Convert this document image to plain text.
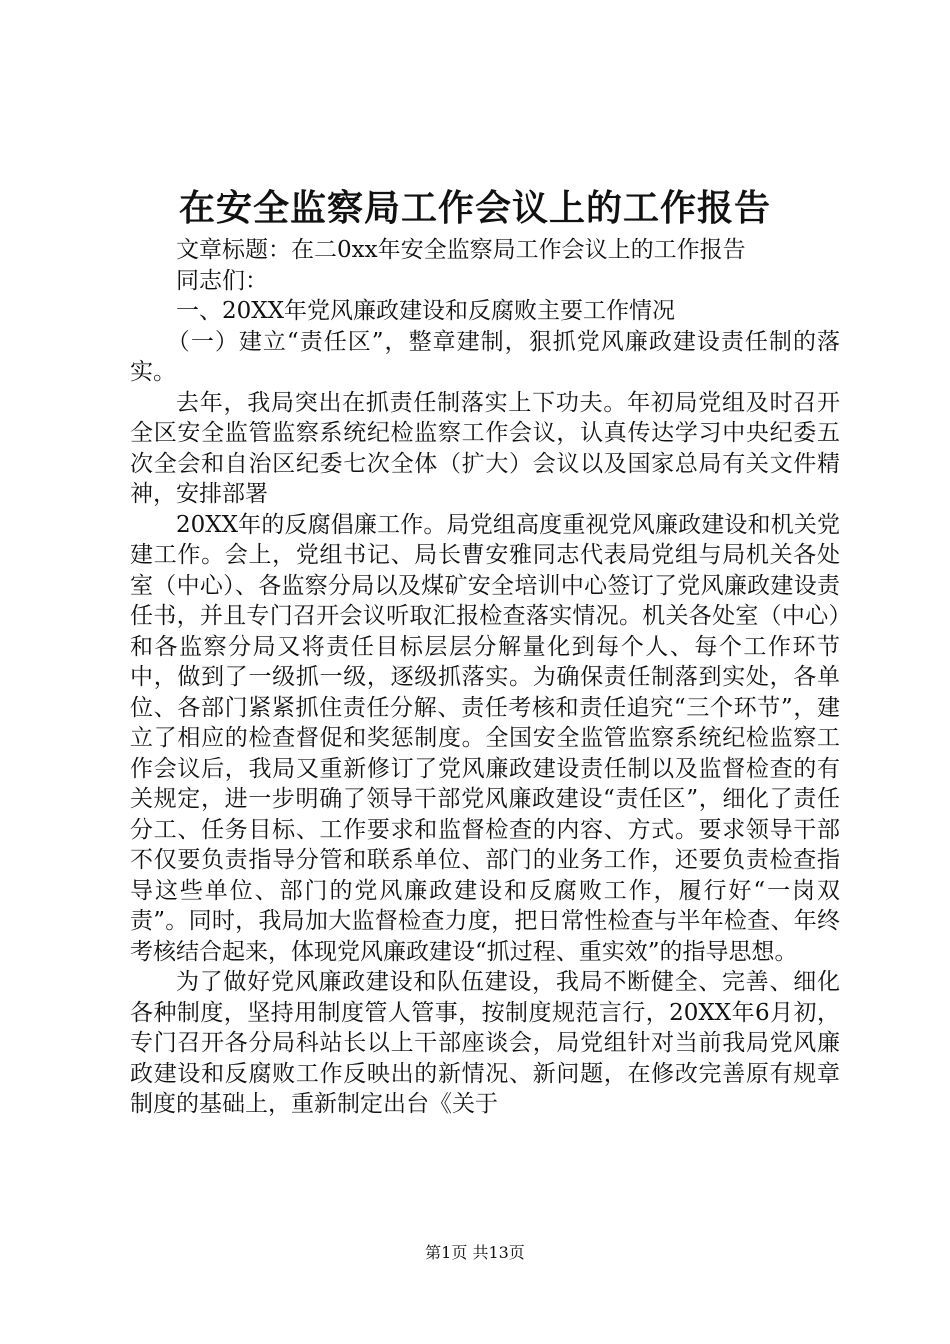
在安全监察局工作会议上的工作报告

文章标题：在二0xx年安全监察局工作会议上的工作报告

同志们：

一、20XX年党风廉政建设和反腐败主要工作情况

（一）建立“责任区”，整章建制，狠抓党风廉政建设责任制的落实。

去年，我局突出在抓责任制落实上下功夫。年初局党组及时召开全区安全监管监察系统纪检监察工作会议，认真传达学习中央纪委五次全会和自治区纪委七次全体（扩大）会议以及国家总局有关文件精神，安排部署

20XX年的反腐倡廉工作。局党组高度重视党风廉政建设和机关党建工作。会上，党组书记、局长曹安雅同志代表局党组与局机关各处室（中心）、各监察分局以及煤矿安全培训中心签订了党风廉政建设责任书，并且专门召开会议听取汇报检查落实情况。机关各处室（中心）和各监察分局又将责任目标层层分解量化到每个人、每个工作环节中，做到了一级抓一级，逐级抓落实。为确保责任制落到实处，各单位、各部门紧紧抓住责任分解、责任考核和责任追究“三个环节”，建立了相应的检查督促和奖惩制度。全国安全监管监察系统纪检监察工作会议后，我局又重新修订了党风廉政建设责任制以及监督检查的有关规定，进一步明确了领导干部党风廉政建设“责任区”，细化了责任分工、任务目标、工作要求和监督检查的内容、方式。要求领导干部不仅要负责指导分管和联系单位、部门的业务工作，还要负责检查指导这些单位、部门的党风廉政建设和反腐败工作，履行好“一岗双责”。同时，我局加大监督检查力度，把日常性检查与半年检查、年终考核结合起来，体现党风廉政建设“抓过程、重实效”的指导思想。

为了做好党风廉政建设和队伍建设，我局不断健全、完善、细化各种制度，坚持用制度管人管事，按制度规范言行，20XX年6月初，专门召开各分局科站长以上干部座谈会，局党组针对当前我局党风廉政建设和反腐败工作反映出的新情况、新问题，在修改完善原有规章制度的基础上，重新制定出台《关于

第1页 共13页
